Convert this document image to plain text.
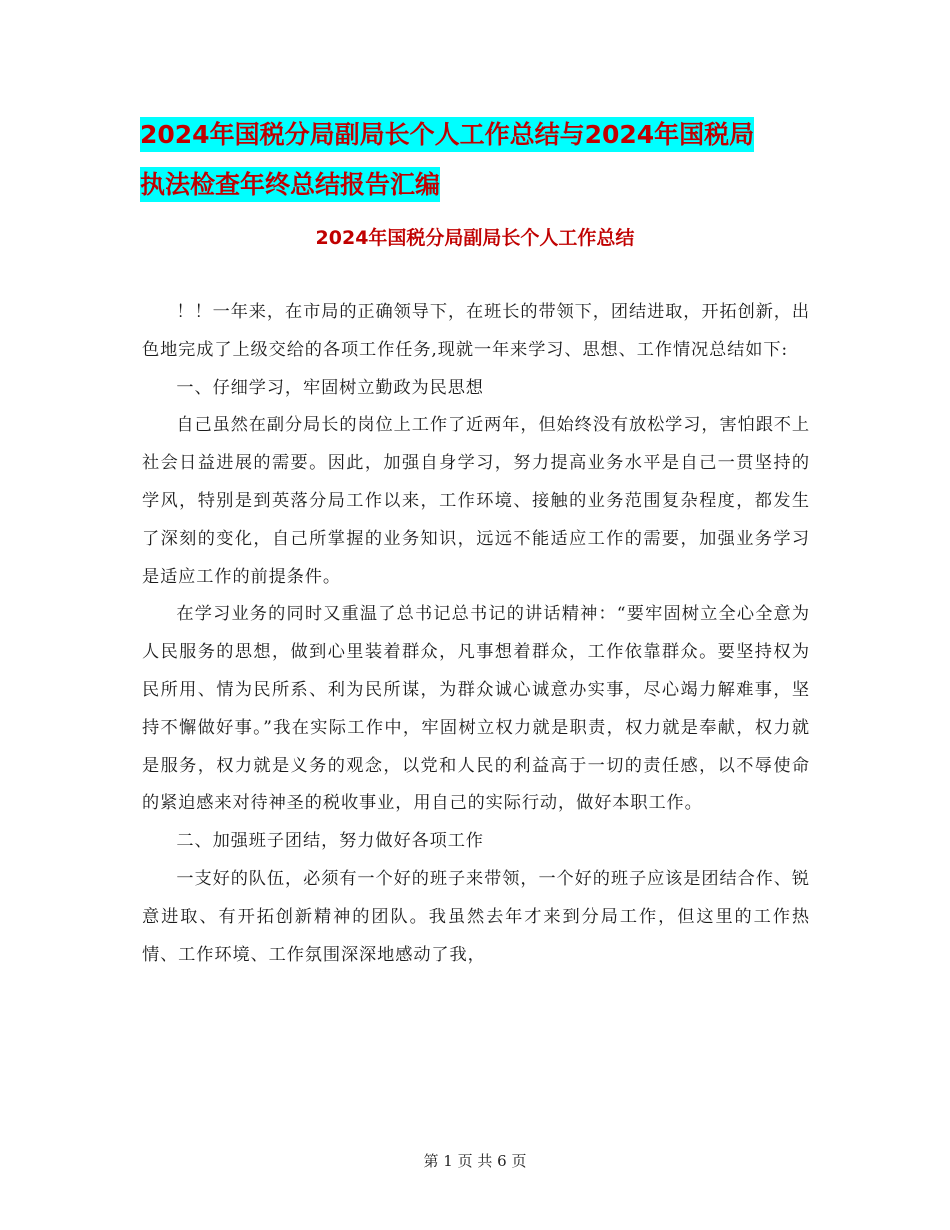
2024年国税分局副局长个人工作总结与2024年国税局
执法检查年终总结报告汇编
2024年国税分局副局长个人工作总结

！！一年来，在市局的正确领导下，在班长的带领下，团结进取，开拓创新，出色地完成了上级交给的各项工作任务,现就一年来学习、思想、工作情况总结如下:

一、仔细学习，牢固树立勤政为民思想

自己虽然在副分局长的岗位上工作了近两年，但始终没有放松学习，害怕跟不上社会日益进展的需要。因此，加强自身学习，努力提高业务水平是自己一贯坚持的学风，特别是到英落分局工作以来，工作环境、接触的业务范围复杂程度，都发生了深刻的变化，自己所掌握的业务知识，远远不能适应工作的需要，加强业务学习是适应工作的前提条件。

在学习业务的同时又重温了总书记总书记的讲话精神：“要牢固树立全心全意为人民服务的思想，做到心里装着群众，凡事想着群众，工作依靠群众。要坚持权为民所用、情为民所系、利为民所谋，为群众诚心诚意办实事，尽心竭力解难事，坚持不懈做好事。”我在实际工作中，牢固树立权力就是职责，权力就是奉献，权力就是服务，权力就是义务的观念，以党和人民的利益高于一切的责任感，以不辱使命的紧迫感来对待神圣的税收事业，用自己的实际行动，做好本职工作。

二、加强班子团结，努力做好各项工作

一支好的队伍，必须有一个好的班子来带领，一个好的班子应该是团结合作、锐意进取、有开拓创新精神的团队。我虽然去年才来到分局工作，但这里的工作热情、工作环境、工作氛围深深地感动了我，

第 1 页 共 6 页
